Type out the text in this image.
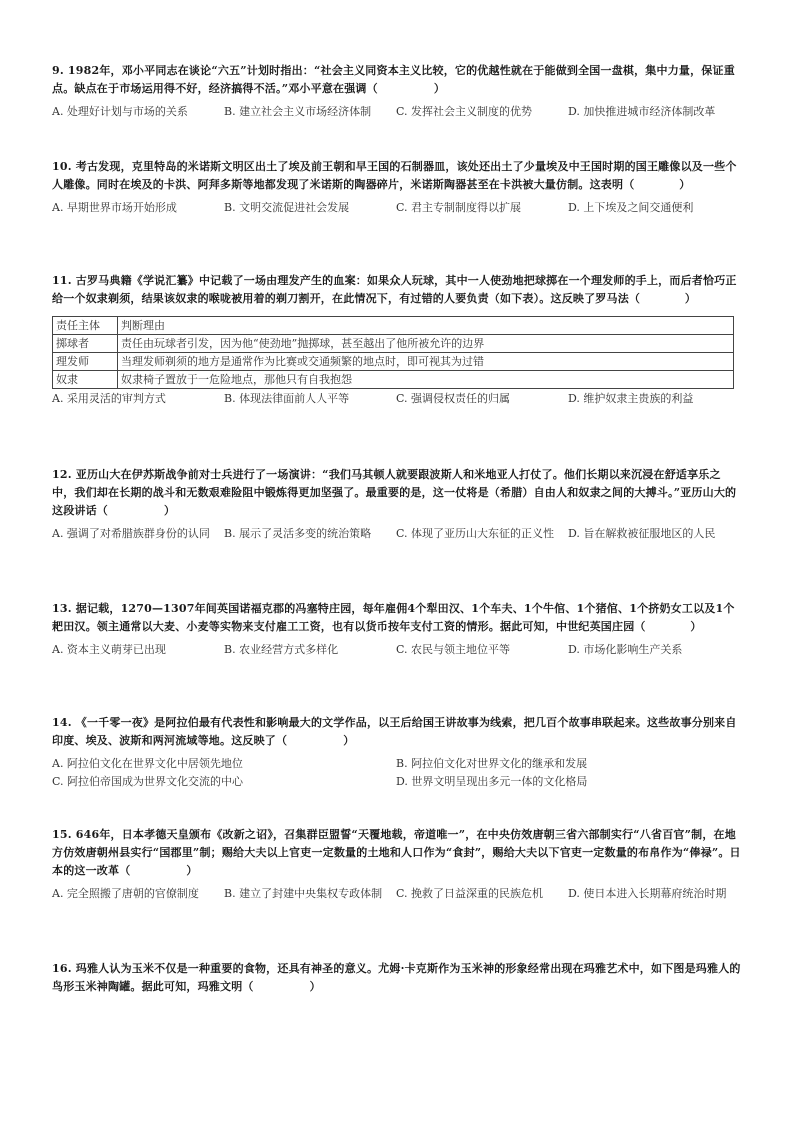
9. 1982年，邓小平同志在谈论“六五”计划时指出：“社会主义同资本主义比较，它的优越性就在于能做到全国一盘棋，集中力量，保证重点。缺点在于市场运用得不好，经济搞得不活。”邓小平意在强调（　　　　　）

A. 处理好计划与市场的关系	B. 建立社会主义市场经济体制	C. 发挥社会主义制度的优势	D. 加快推进城市经济体制改革

10. 考古发现，克里特岛的米诺斯文明区出土了埃及前王朝和早王国的石制器皿，该处还出土了少量埃及中王国时期的国王雕像以及一些个人雕像。同时在埃及的卡洪、阿拜多斯等地都发现了米诺斯的陶器碎片，米诺斯陶器甚至在卡洪被大量仿制。这表明（　　　　）

A. 早期世界市场开始形成	B. 文明交流促进社会发展	C. 君主专制制度得以扩展	D. 上下埃及之间交通便利

11. 古罗马典籍《学说汇纂》中记载了一场由理发产生的血案：如果众人玩球，其中一人使劲地把球掷在一个理发师的手上，而后者恰巧正给一个奴隶剃须，结果该奴隶的喉咙被用着的剃刀割开，在此情况下，有过错的人要负责（如下表）。这反映了罗马法（　　　　）

责任主体	判断理由
掷球者	责任由玩球者引发，因为他“使劲地”抛掷球，甚至越出了他所被允许的边界
理发师	当理发师剃须的地方是通常作为比赛或交通频繁的地点时，即可视其为过错
奴隶	奴隶椅子置放于一危险地点，那他只有自我抱怨
A. 采用灵活的审判方式	B. 体现法律面前人人平等	C. 强调侵权责任的归属	D. 维护奴隶主贵族的利益

12. 亚历山大在伊苏斯战争前对士兵进行了一场演讲：“我们马其顿人就要跟波斯人和米地亚人打仗了。他们长期以来沉浸在舒适享乐之中，我们却在长期的战斗和无数艰难险阻中锻炼得更加坚强了。最重要的是，这一仗将是（希腊）自由人和奴隶之间的大搏斗。”亚历山大的这段讲话（　　　　　）

A. 强调了对希腊族群身份的认同	B. 展示了灵活多变的统治策略	C. 体现了亚历山大东征的正义性	D. 旨在解救被征服地区的人民

13. 据记载，1270—1307年间英国诺福克郡的冯塞特庄园，每年雇佣4个犁田汉、1个车夫、1个牛倌、1个猪倌、1个挤奶女工以及1个耙田汉。领主通常以大麦、小麦等实物来支付雇工工资，也有以货币按年支付工资的情形。据此可知，中世纪英国庄园（　　　　）

A. 资本主义萌芽已出现	B. 农业经营方式多样化	C. 农民与领主地位平等	D. 市场化影响生产关系

14. 《一千零一夜》是阿拉伯最有代表性和影响最大的文学作品，以王后给国王讲故事为线索，把几百个故事串联起来。这些故事分别来自印度、埃及、波斯和两河流域等地。这反映了（　　　　　）

A. 阿拉伯文化在世界文化中居领先地位	B. 阿拉伯文化对世界文化的继承和发展
C. 阿拉伯帝国成为世界文化交流的中心	D. 世界文明呈现出多元一体的文化格局

15. 646年，日本孝德天皇颁布《改新之诏》，召集群臣盟誓“天覆地载，帝道唯一”，在中央仿效唐朝三省六部制实行“八省百官”制，在地方仿效唐朝州县实行“国郡里”制；赐给大夫以上官吏一定数量的土地和人口作为“食封”，赐给大夫以下官吏一定数量的布帛作为“俸禄”。日本的这一改革（　　　　　）

A. 完全照搬了唐朝的官僚制度	B. 建立了封建中央集权专政体制	C. 挽救了日益深重的民族危机	D. 使日本进入长期幕府统治时期

16. 玛雅人认为玉米不仅是一种重要的食物，还具有神圣的意义。尤姆·卡克斯作为玉米神的形象经常出现在玛雅艺术中，如下图是玛雅人的鸟形玉米神陶罐。据此可知，玛雅文明（　　　　　）
